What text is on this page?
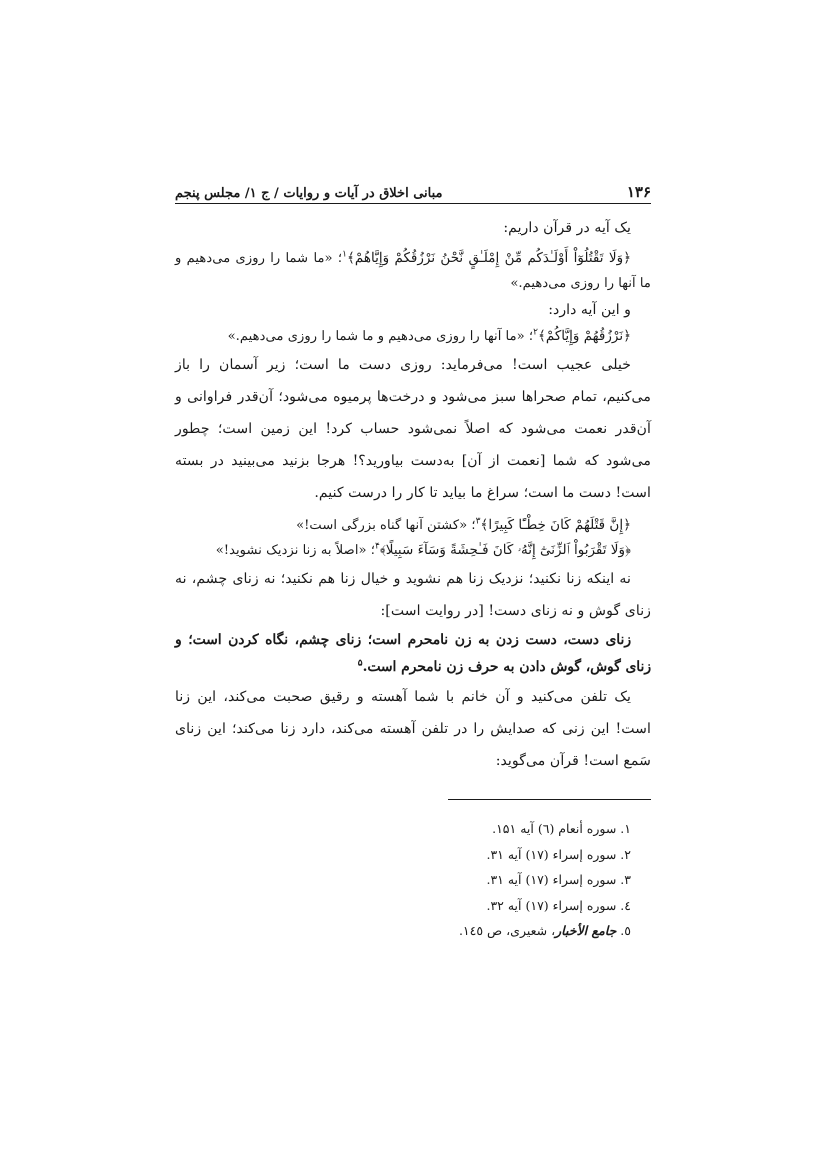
۱۳۶
مبانی اخلاق در آیات و روایات / ج ۱/ مجلس پنجم

یک آیه در قرآن داریم:

﴿وَلَا تَقْتُلُوٓاْ أَوْلَـٰدَكُم مِّنْ إِمْلَـٰقٍ نَّحْنُ نَرْزُقُكُمْ وَإِيَّاهُمْ﴾$^۱$؛ «ما شما را روزی می‌دهیم و ما آنها را روزی می‌دهیم.»

و این آیه دارد:

﴿نَرْزُقُهُمْ وَإِيَّاكُمْ﴾$^۲$؛ «ما آنها را روزی می‌دهیم و ما شما را روزی می‌دهیم.»

خیلی عجیب است! می‌فرماید: روزی دست ما است؛ زیر آسمان را باز می‌کنیم، تمام صحراها سبز می‌شود و درخت‌ها پرمیوه می‌شود؛ آن‌قدر فراوانی و آن‌قدر نعمت می‌شود که اصلاً نمی‌شود حساب کرد! این زمین است؛ چطور می‌شود که شما [نعمت از آن] به‌دست بیاورید؟! هرجا بزنید می‌بینید در بسته است! دست ما است؛ سراغ ما بیاید تا کار را درست کنیم.

﴿إِنَّ قَتْلَهُمْ كَانَ خِطْـًٔا كَبِيرًا﴾$^۳$؛ «کشتن آنها گناه بزرگی است!»

﴿وَلَا تَقْرَبُواْ ٱلزِّنَىٰٓ إِنَّهُۥ كَانَ فَـٰحِشَةً وَسَآءَ سَبِيلًا﴾$^۴$؛ «اصلاً به زنا نزدیک نشوید!»

نه اینکه زنا نکنید؛ نزدیک زنا هم نشوید و خیال زنا هم نکنید؛ نه زنای چشم، نه زنای گوش و نه زنای دست! [در روایت است]:

زنای دست، دست زدن به زن نامحرم است؛ زنای چشم، نگاه کردن است؛ و زنای گوش، گوش دادن به حرف زن نامحرم است.$^۵$

یک تلفن می‌کنید و آن خانم با شما آهسته و رقیق صحبت می‌کند، این زنا است! این زنی که صدایش را در تلفن آهسته می‌کند، دارد زنا می‌کند؛ این زنای سَمع است! قرآن می‌گوید:

۱. سوره أنعام (٦) آیه ۱۵۱.

۲. سوره إسراء (۱۷) آیه ۳۱.

۳. سوره إسراء (۱۷) آیه ۳۱.

٤. سوره إسراء (۱۷) آیه ۳۲.

٥. جامع الأخبار، شعیری، ص ۱٤٥.
